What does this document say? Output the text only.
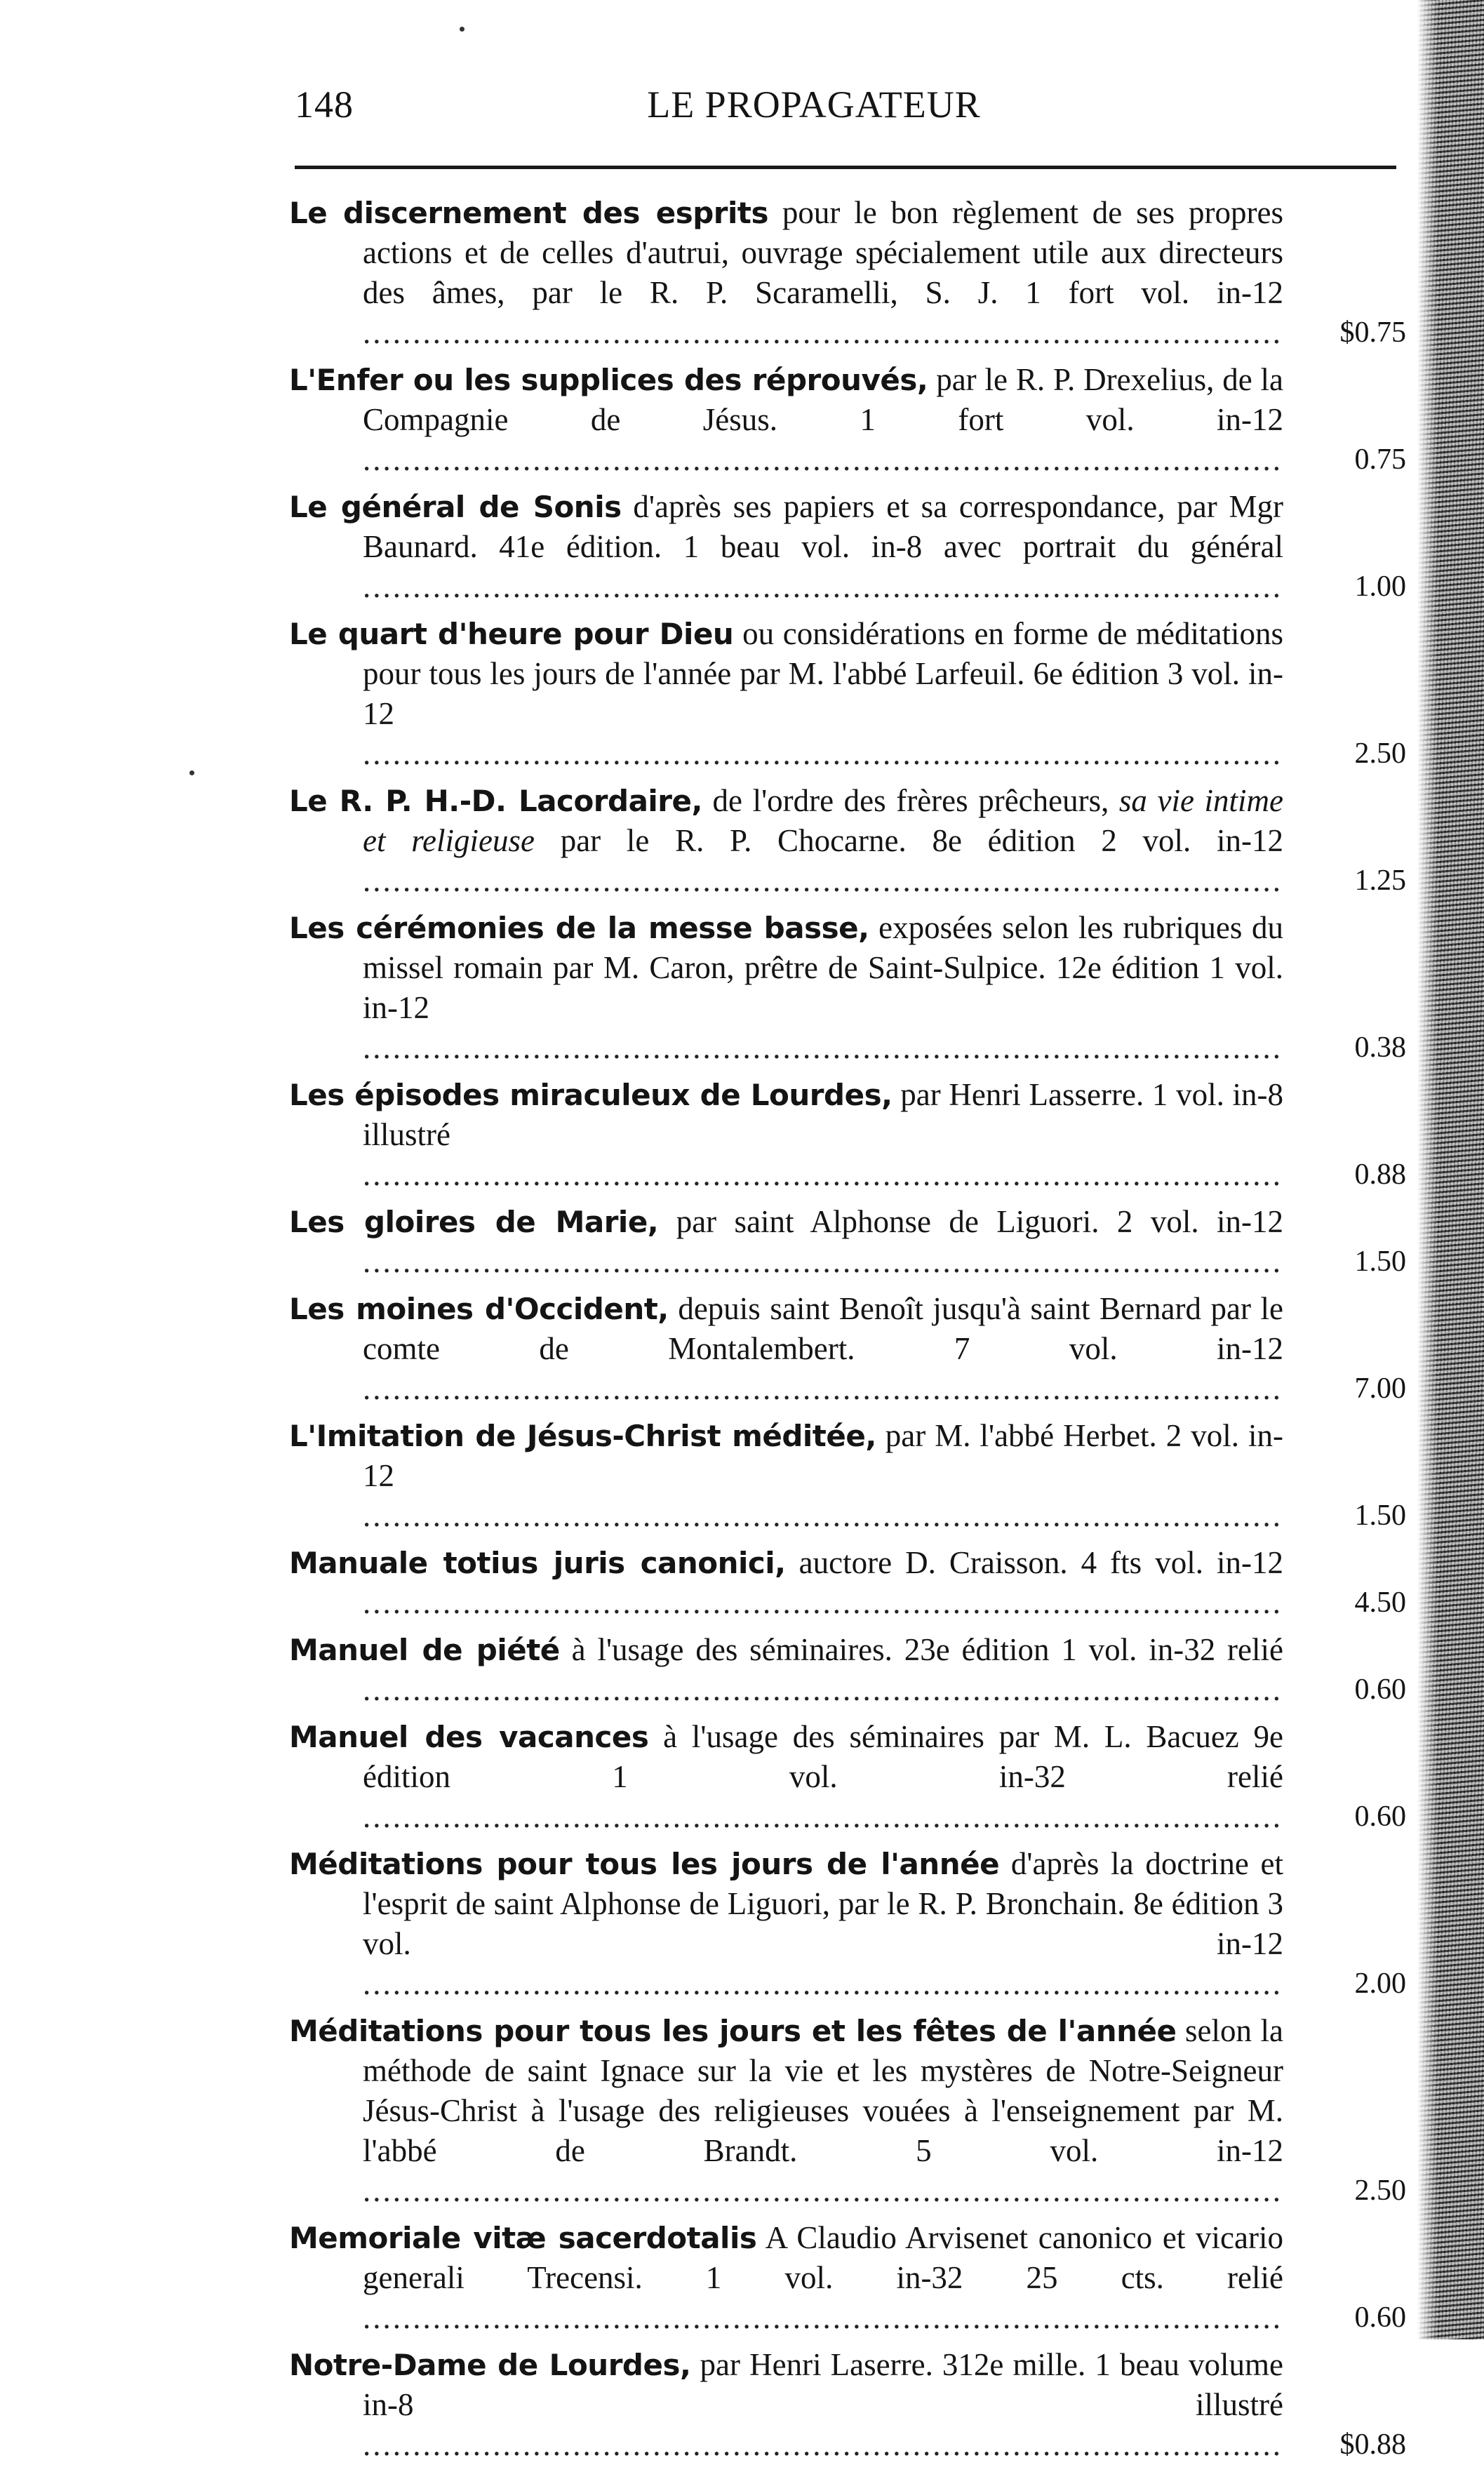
148	LE PROPAGATEUR
Le discernement des esprits pour le bon règlement de ses propres actions et de celles d'autrui, ouvrage spécialement utile aux directeurs des âmes, par le R. P. Scaramelli, S. J. 1 fort vol. in-12 .....
$0.75
L'Enfer ou les supplices des réprouvés, par le R. P. Drexelius, de la Compagnie de Jésus. 1 fort vol. in-12 .....
0.75
Le général de Sonis d'après ses papiers et sa correspondance, par Mgr Baunard. 41e édition. 1 beau vol. in-8 avec portrait du général .....
1.00
Le quart d'heure pour Dieu ou considérations en forme de méditations pour tous les jours de l'année par M. l'abbé Larfeuil. 6e édition 3 vol. in-12 .....
2.50
Le R. P. H.-D. Lacordaire, de l'ordre des frères prêcheurs, sa vie intime et religieuse par le R. P. Chocarne. 8e édition 2 vol. in-12 .....
1.25
Les cérémonies de la messe basse, exposées selon les rubriques du missel romain par M. Caron, prêtre de Saint-Sulpice. 12e édition 1 vol. in-12 .....
0.38
Les épisodes miraculeux de Lourdes, par Henri Lasserre. 1 vol. in-8 illustré .....
0.88
Les gloires de Marie, par saint Alphonse de Liguori. 2 vol. in-12 .....
1.50
Les moines d'Occident, depuis saint Benoît jusqu'à saint Bernard par le comte de Montalembert. 7 vol. in-12 .....
7.00
L'Imitation de Jésus-Christ méditée, par M. l'abbé Herbet. 2 vol. in-12 .....
1.50
Manuale totius juris canonici, auctore D. Craisson. 4 fts vol. in-12 .....
4.50
Manuel de piété à l'usage des séminaires. 23e édition 1 vol. in-32 relié .....
0.60
Manuel des vacances à l'usage des séminaires par M. L. Bacuez 9e édition 1 vol. in-32 relié .....
0.60
Méditations pour tous les jours de l'année d'après la doctrine et l'esprit de saint Alphonse de Liguori, par le R. P. Bronchain. 8e édition 3 vol. in-12 .....
2.00
Méditations pour tous les jours et les fêtes de l'année selon la méthode de saint Ignace sur la vie et les mystères de Notre-Seigneur Jésus-Christ à l'usage des religieuses vouées à l'enseignement par M. l'abbé de Brandt. 5 vol. in-12 .....
2.50
Memoriale vitæ sacerdotalis A Claudio Arvisenet canonico et vicario generali Trecensi. 1 vol. in-32 25 cts. relié .....
0.60
Notre-Dame de Lourdes, par Henri Laserre. 312e mille. 1 beau volume in-8 illustré .....
$0.88
